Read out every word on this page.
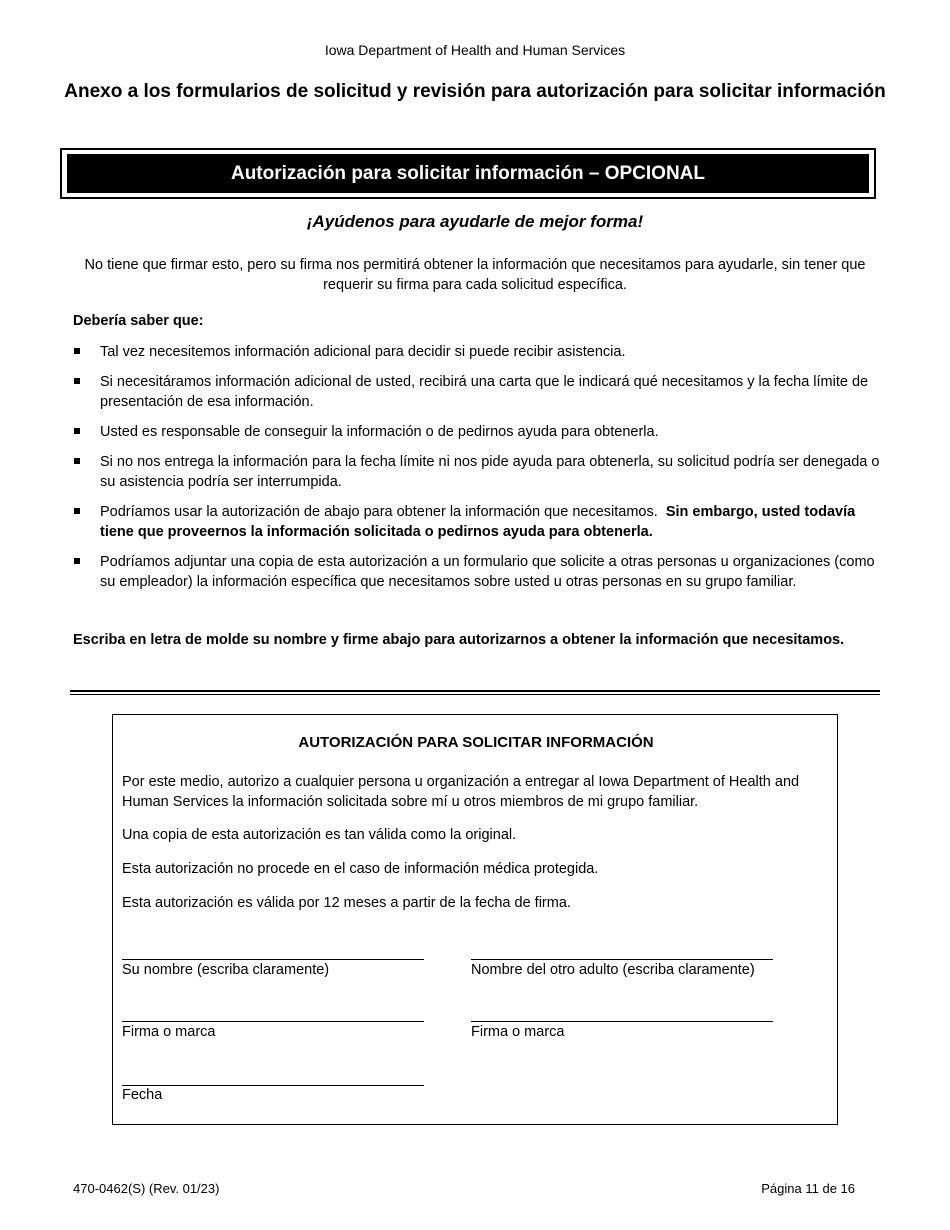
Iowa Department of Health and Human Services
Anexo a los formularios de solicitud y revisión para autorización para solicitar información
Autorización para solicitar información – OPCIONAL
¡Ayúdenos para ayudarle de mejor forma!
No tiene que firmar esto, pero su firma nos permitirá obtener la información que necesitamos para ayudarle, sin tener que requerir su firma para cada solicitud específica.
Debería saber que:
Tal vez necesitemos información adicional para decidir si puede recibir asistencia.
Si necesitáramos información adicional de usted, recibirá una carta que le indicará qué necesitamos y la fecha límite de presentación de esa información.
Usted es responsable de conseguir la información o de pedirnos ayuda para obtenerla.
Si no nos entrega la información para la fecha límite ni nos pide ayuda para obtenerla, su solicitud podría ser denegada o su asistencia podría ser interrumpida.
Podríamos usar la autorización de abajo para obtener la información que necesitamos. Sin embargo, usted todavía tiene que proveernos la información solicitada o pedirnos ayuda para obtenerla.
Podríamos adjuntar una copia de esta autorización a un formulario que solicite a otras personas u organizaciones (como su empleador) la información específica que necesitamos sobre usted u otras personas en su grupo familiar.
Escriba en letra de molde su nombre y firme abajo para autorizarnos a obtener la información que necesitamos.
AUTORIZACIÓN PARA SOLICITAR INFORMACIÓN
Por este medio, autorizo a cualquier persona u organización a entregar al Iowa Department of Health and Human Services la información solicitada sobre mí u otros miembros de mi grupo familiar.
Una copia de esta autorización es tan válida como la original.
Esta autorización no procede en el caso de información médica protegida.
Esta autorización es válida por 12 meses a partir de la fecha de firma.
Su nombre (escriba claramente)	Nombre del otro adulto (escriba claramente)
Firma o marca	Firma o marca
Fecha
470-0462(S) (Rev. 01/23)	Página 11 de 16
